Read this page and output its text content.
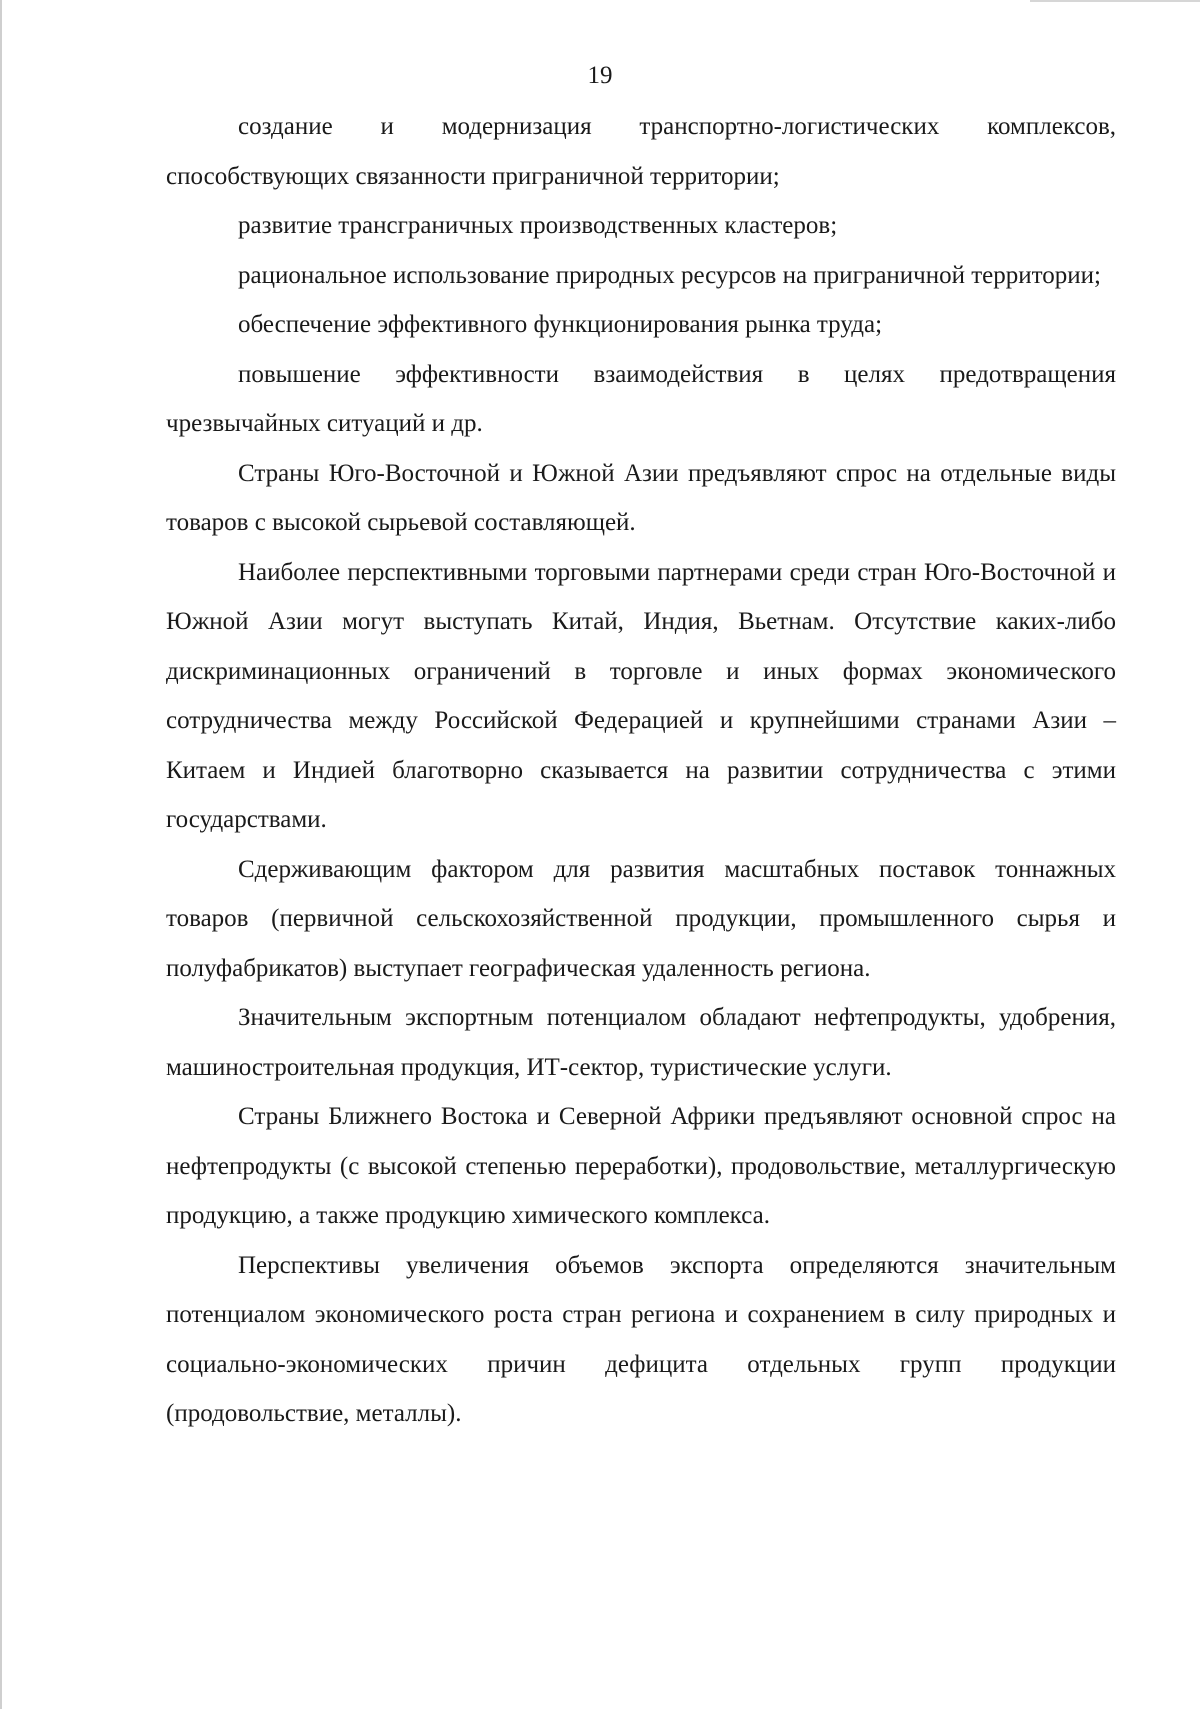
19

создание и модернизация транспортно-логистических комплексов, способствующих связанности приграничной территории;

развитие трансграничных производственных кластеров;

рациональное использование природных ресурсов на приграничной территории;

обеспечение эффективного функционирования рынка труда;

повышение эффективности взаимодействия в целях предотвращения чрезвычайных ситуаций и др.

Страны Юго-Восточной и Южной Азии предъявляют спрос на отдельные виды товаров с высокой сырьевой составляющей.

Наиболее перспективными торговыми партнерами среди стран Юго-Восточной и Южной Азии могут выступать Китай, Индия, Вьетнам. Отсутствие каких-либо дискриминационных ограничений в торговле и иных формах экономического сотрудничества между Российской Федерацией и крупнейшими странами Азии – Китаем и Индией благотворно сказывается на развитии сотрудничества с этими государствами.

Сдерживающим фактором для развития масштабных поставок тоннажных товаров (первичной сельскохозяйственной продукции, промышленного сырья и полуфабрикатов) выступает географическая удаленность региона.

Значительным экспортным потенциалом обладают нефтепродукты, удобрения, машиностроительная продукция, ИТ-сектор, туристические услуги.

Страны Ближнего Востока и Северной Африки предъявляют основной спрос на нефтепродукты (с высокой степенью переработки), продовольствие, металлургическую продукцию, а также продукцию химического комплекса.

Перспективы увеличения объемов экспорта определяются значительным потенциалом экономического роста стран региона и сохранением в силу природных и социально-экономических причин дефицита отдельных групп продукции (продовольствие, металлы).
